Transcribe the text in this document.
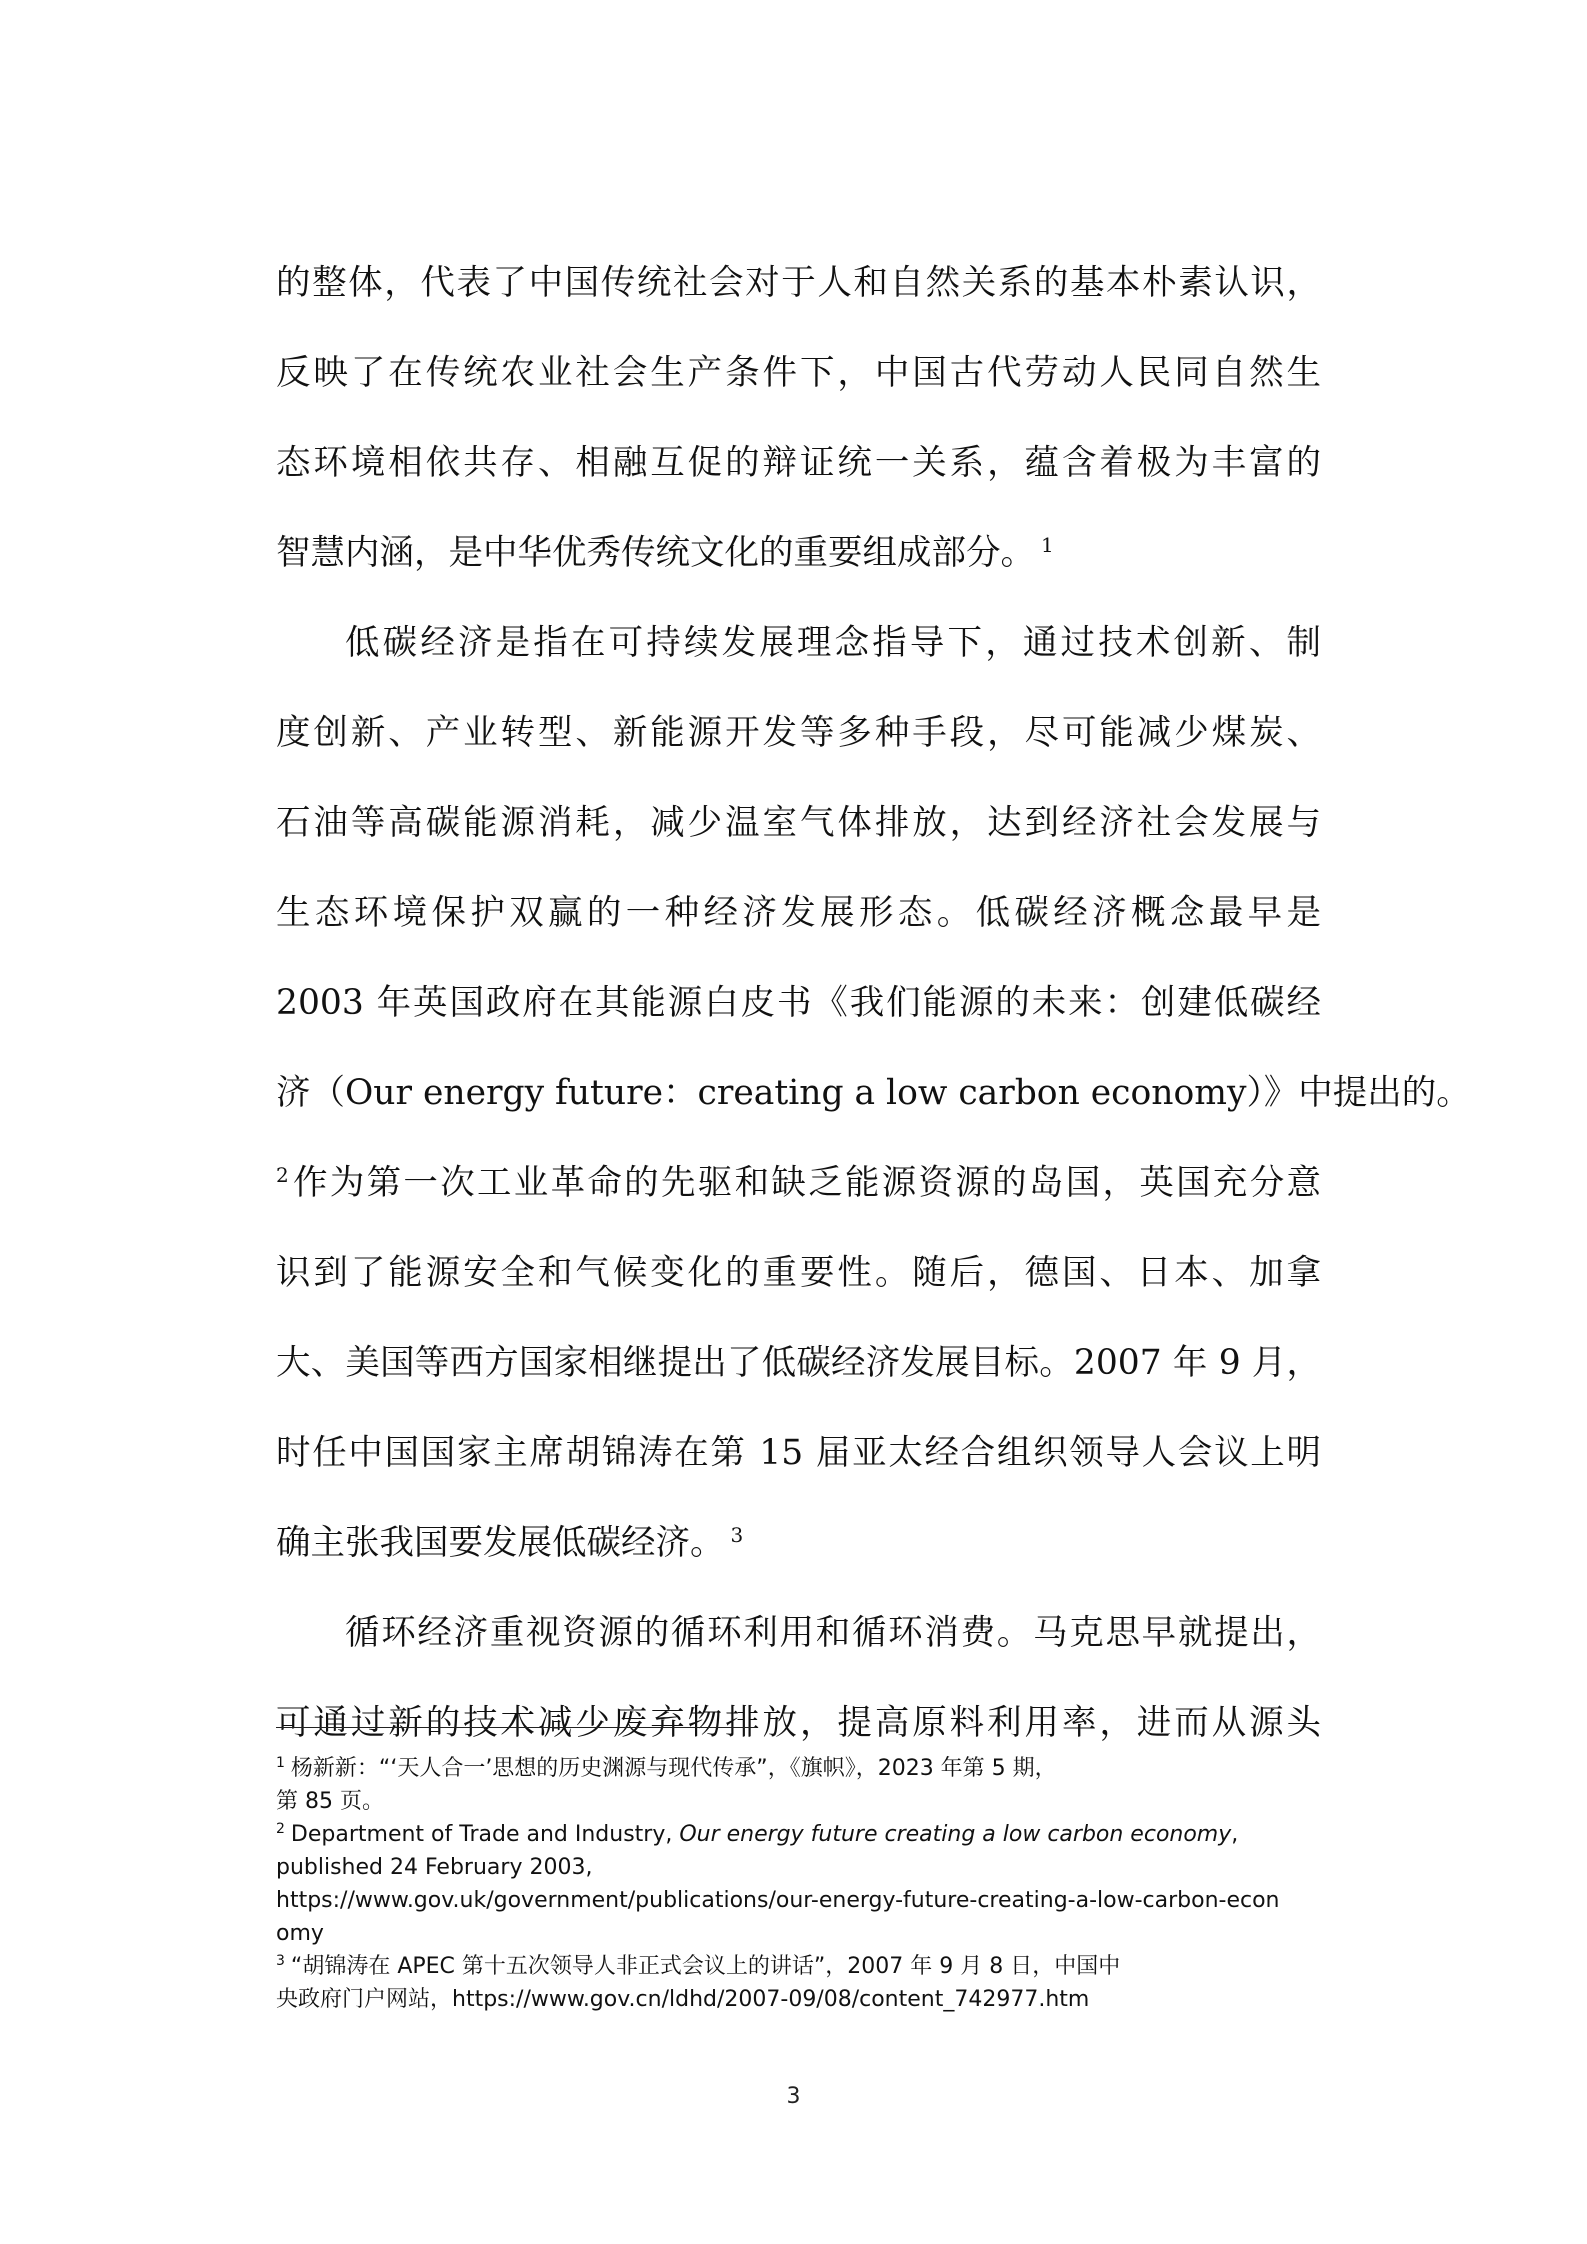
的整体，代表了中国传统社会对于人和自然关系的基本朴素认识，
反映了在传统农业社会生产条件下，中国古代劳动人民同自然生
态环境相依共存、相融互促的辩证统一关系，蕴含着极为丰富的
智慧内涵，是中华优秀传统文化的重要组成部分。 $^1$
低碳经济是指在可持续发展理念指导下，通过技术创新、制
度创新、产业转型、新能源开发等多种手段，尽可能减少煤炭、
石油等高碳能源消耗，减少温室气体排放，达到经济社会发展与
生态环境保护双赢的一种经济发展形态。低碳经济概念最早是
2003 年英国政府在其能源白皮书《我们能源的未来：创建低碳经
济（Our energy future：creating a low carbon economy）》中提出的。
$^2$作为第一次工业革命的先驱和缺乏能源资源的岛国，英国充分意
识到了能源安全和气候变化的重要性。随后，德国、日本、加拿
大、美国等西方国家相继提出了低碳经济发展目标。2007 年 9 月，
时任中国国家主席胡锦涛在第 15 届亚太经合组织领导人会议上明
确主张我国要发展低碳经济。 $^3$
循环经济重视资源的循环利用和循环消费。马克思早就提出，
可通过新的技术减少废弃物排放，提高原料利用率，进而从源头
$^1$ 杨新新：“‘天人合一’思想的历史渊源与现代传承”，《旗帜》，2023 年第 5 期，
第 85 页。
$^2$ Department of Trade and Industry, Our energy future creating a low carbon economy,
published 24 February 2003,
https://www.gov.uk/government/publications/our-energy-future-creating-a-low-carbon-econ
omy
$^3$ “胡锦涛在 APEC 第十五次领导人非正式会议上的讲话”，2007 年 9 月 8 日，中国中
央政府门户网站，https://www.gov.cn/ldhd/2007-09/08/content_742977.htm
3
